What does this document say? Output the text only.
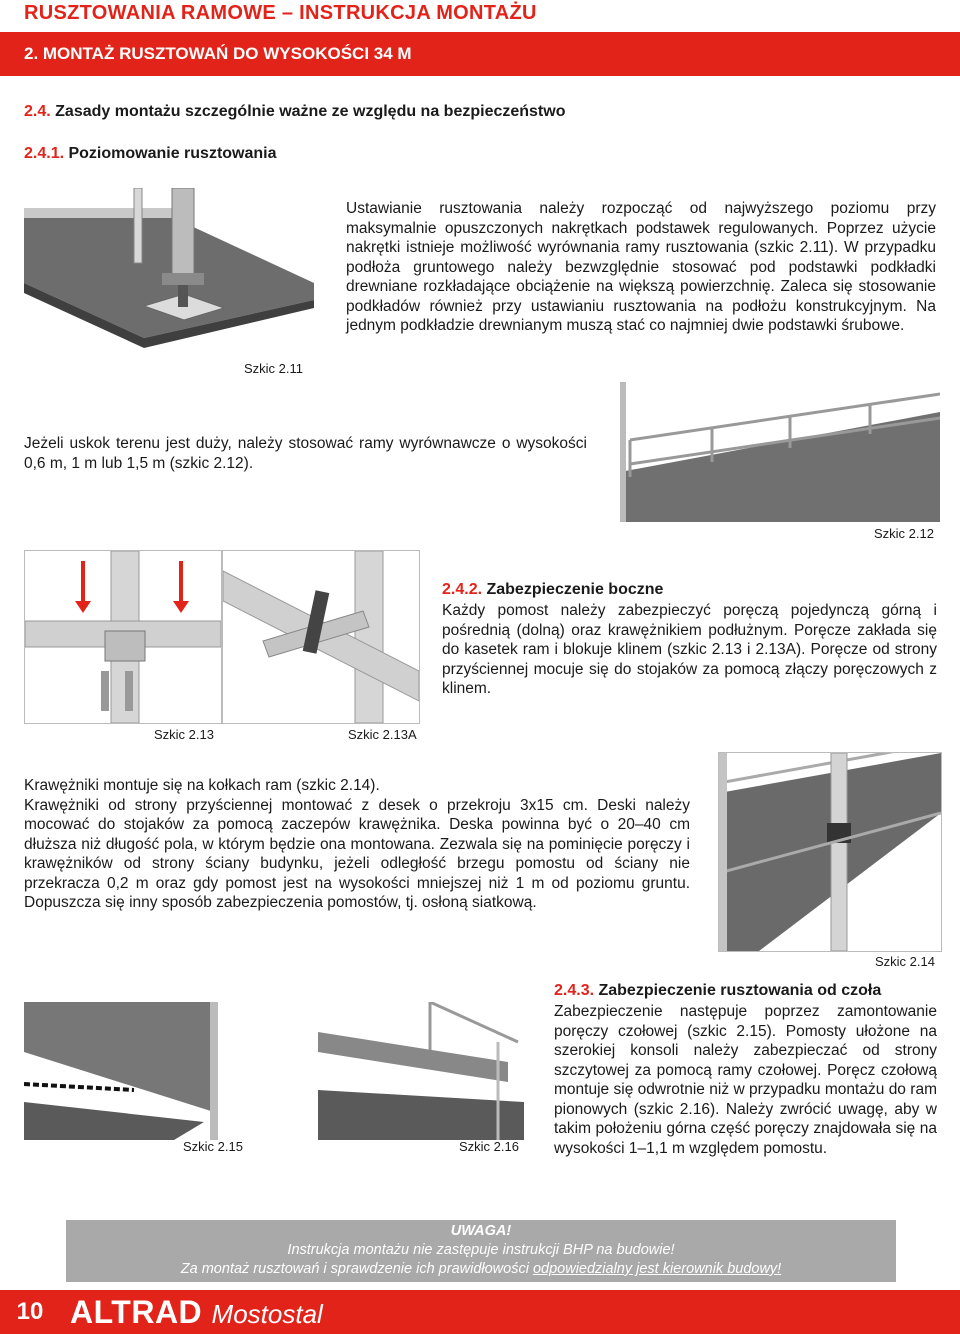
RUSZTOWANIA RAMOWE – INSTRUKCJA MONTAŻU
2. MONTAŻ RUSZTOWAŃ DO WYSOKOŚCI 34 M
2.4. Zasady montażu szczególnie ważne ze względu na bezpieczeństwo
2.4.1. Poziomowanie rusztowania
Szkic 2.11
Ustawianie rusztowania należy rozpocząć od najwyższego poziomu przy maksymalnie opuszczonych nakrętkach podstawek regulowanych. Poprzez użycie nakrętki istnieje możliwość wyrównania ramy rusztowania (szkic 2.11). W przypadku podłoża gruntowego należy bezwzględnie stosować pod podstawki podkładki drewniane rozkładające obciążenie na większą powierzchnię. Zaleca się stosowanie podkładów również przy ustawianiu rusztowania na podłożu konstrukcyjnym. Na jednym podkładzie drewnianym muszą stać co najmniej dwie podstawki śrubowe.
Jeżeli uskok terenu jest duży, należy stosować ramy wyrównawcze o wysokości 0,6 m, 1 m lub 1,5 m (szkic 2.12).
Szkic 2.12
Szkic 2.13	Szkic 2.13A
2.4.2. Zabezpieczenie boczne
Każdy pomost należy zabezpieczyć poręczą pojedynczą górną i pośrednią (dolną) oraz krawężnikiem podłużnym. Poręcze zakłada się do kasetek ram i blokuje klinem (szkic 2.13 i 2.13A). Poręcze od strony przyściennej mocuje się do stojaków za pomocą złączy poręczowych z klinem.
Krawężniki montuje się na kołkach ram (szkic 2.14).
Krawężniki od strony przyściennej montować z desek o przekroju 3x15 cm. Deski należy mocować do stojaków za pomocą zaczepów krawężnika. Deska powinna być o 20–40 cm dłuższa niż długość pola, w którym będzie ona montowana. Zezwala się na pominięcie poręczy i krawężników od strony ściany budynku, jeżeli odległość brzegu pomostu od ściany nie przekracza 0,2 m oraz gdy pomost jest na wysokości mniejszej niż 1 m od poziomu gruntu. Dopuszcza się inny sposób zabezpieczenia pomostów, tj. osłoną siatkową.
Szkic 2.14
Szkic 2.15	Szkic 2.16
2.4.3. Zabezpieczenie rusztowania od czoła
Zabezpieczenie następuje poprzez zamontowanie poręczy czołowej (szkic 2.15). Pomosty ułożone na szerokiej konsoli należy zabezpieczać od strony szczytowej za pomocą ramy czołowej. Poręcz czołową montuje się odwrotnie niż w przypadku montażu do ram pionowych (szkic 2.16). Należy zwrócić uwagę, aby w takim położeniu górna część poręczy znajdowała się na wysokości 1–1,1 m względem pomostu.
UWAGA!
Instrukcja montażu nie zastępuje instrukcji BHP na budowie!
Za montaż rusztowań i sprawdzenie ich prawidłowości odpowiedzialny jest kierownik budowy!
10 ALTRAD Mostostal
